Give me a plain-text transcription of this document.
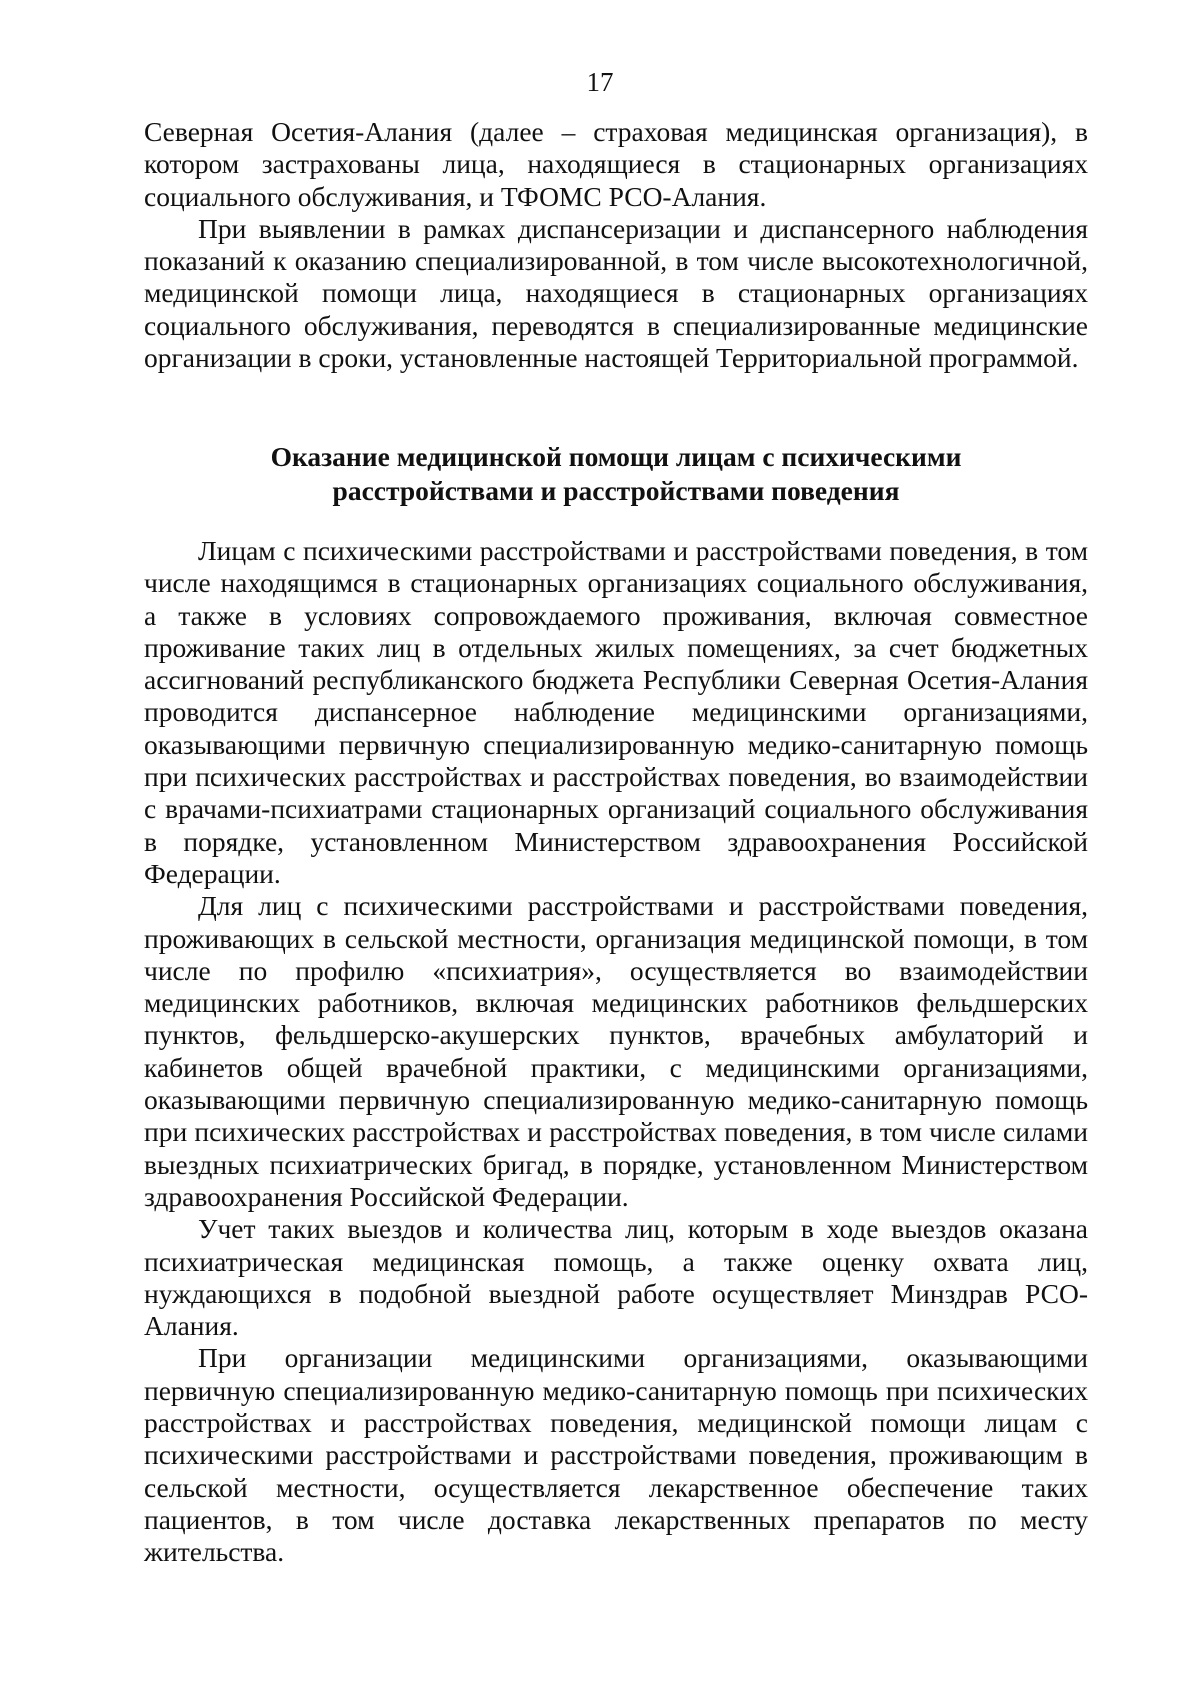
17

Северная Осетия-Алания (далее – страховая медицинская организация), в котором застрахованы лица, находящиеся в стационарных организациях социального обслуживания, и ТФОМС РСО-Алания.

При выявлении в рамках диспансеризации и диспансерного наблюдения показаний к оказанию специализированной, в том числе высокотехнологичной, медицинской помощи лица, находящиеся в стационарных организациях социального обслуживания, переводятся в специализированные медицинские организации в сроки, установленные настоящей Территориальной программой.

Оказание медицинской помощи лицам с психическими
расстройствами и расстройствами поведения

Лицам с психическими расстройствами и расстройствами поведения, в том числе находящимся в стационарных организациях социального обслуживания, а также в условиях сопровождаемого проживания, включая совместное проживание таких лиц в отдельных жилых помещениях, за счет бюджетных ассигнований республиканского бюджета Республики Северная Осетия-Алания проводится диспансерное наблюдение медицинскими организациями, оказывающими первичную специализированную медико-санитарную помощь при психических расстройствах и расстройствах поведения, во взаимодействии с врачами-психиатрами стационарных организаций социального обслуживания в порядке, установленном Министерством здравоохранения Российской Федерации.

Для лиц с психическими расстройствами и расстройствами поведения, проживающих в сельской местности, организация медицинской помощи, в том числе по профилю «психиатрия», осуществляется во взаимодействии медицинских работников, включая медицинских работников фельдшерских пунктов, фельдшерско-акушерских пунктов, врачебных амбулаторий и кабинетов общей врачебной практики, с медицинскими организациями, оказывающими первичную специализированную медико-санитарную помощь при психических расстройствах и расстройствах поведения, в том числе силами выездных психиатрических бригад, в порядке, установленном Министерством здравоохранения Российской Федерации.

Учет таких выездов и количества лиц, которым в ходе выездов оказана психиатрическая медицинская помощь, а также оценку охвата лиц, нуждающихся в подобной выездной работе осуществляет Минздрав РСО-Алания.

При организации медицинскими организациями, оказывающими первичную специализированную медико-санитарную помощь при психических расстройствах и расстройствах поведения, медицинской помощи лицам с психическими расстройствами и расстройствами поведения, проживающим в сельской местности, осуществляется лекарственное обеспечение таких пациентов, в том числе доставка лекарственных препаратов по месту жительства.
